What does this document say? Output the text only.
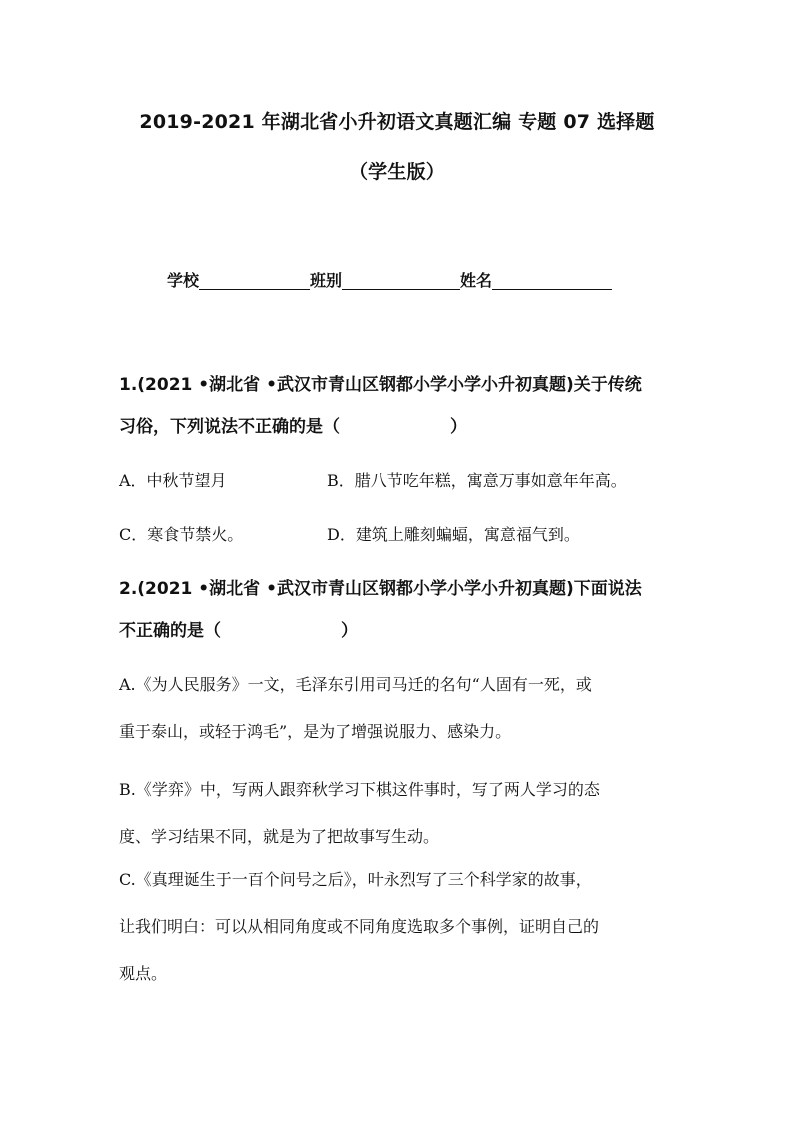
2019-2021 年湖北省小升初语文真题汇编 专题 07 选择题
（学生版）
学校	班别	姓名
1.(2021 •湖北省 •武汉市青山区钢都小学小学小升初真题)关于传统
习俗，下列说法不正确的是（	）
A．中秋节望月	B．腊八节吃年糕，寓意万事如意年年高。
C．寒食节禁火。	D．建筑上雕刻蝙蝠，寓意福气到。
2.(2021 •湖北省 •武汉市青山区钢都小学小学小升初真题)下面说法
不正确的是（	）
A.《为人民服务》一文，毛泽东引用司马迁的名句“人固有一死，或
重于泰山，或轻于鸿毛”，是为了增强说服力、感染力。
B.《学弈》中，写两人跟弈秋学习下棋这件事时，写了两人学习的态
度、学习结果不同，就是为了把故事写生动。
C.《真理诞生于一百个问号之后》，叶永烈写了三个科学家的故事，
让我们明白：可以从相同角度或不同角度选取多个事例，证明自己的
观点。
